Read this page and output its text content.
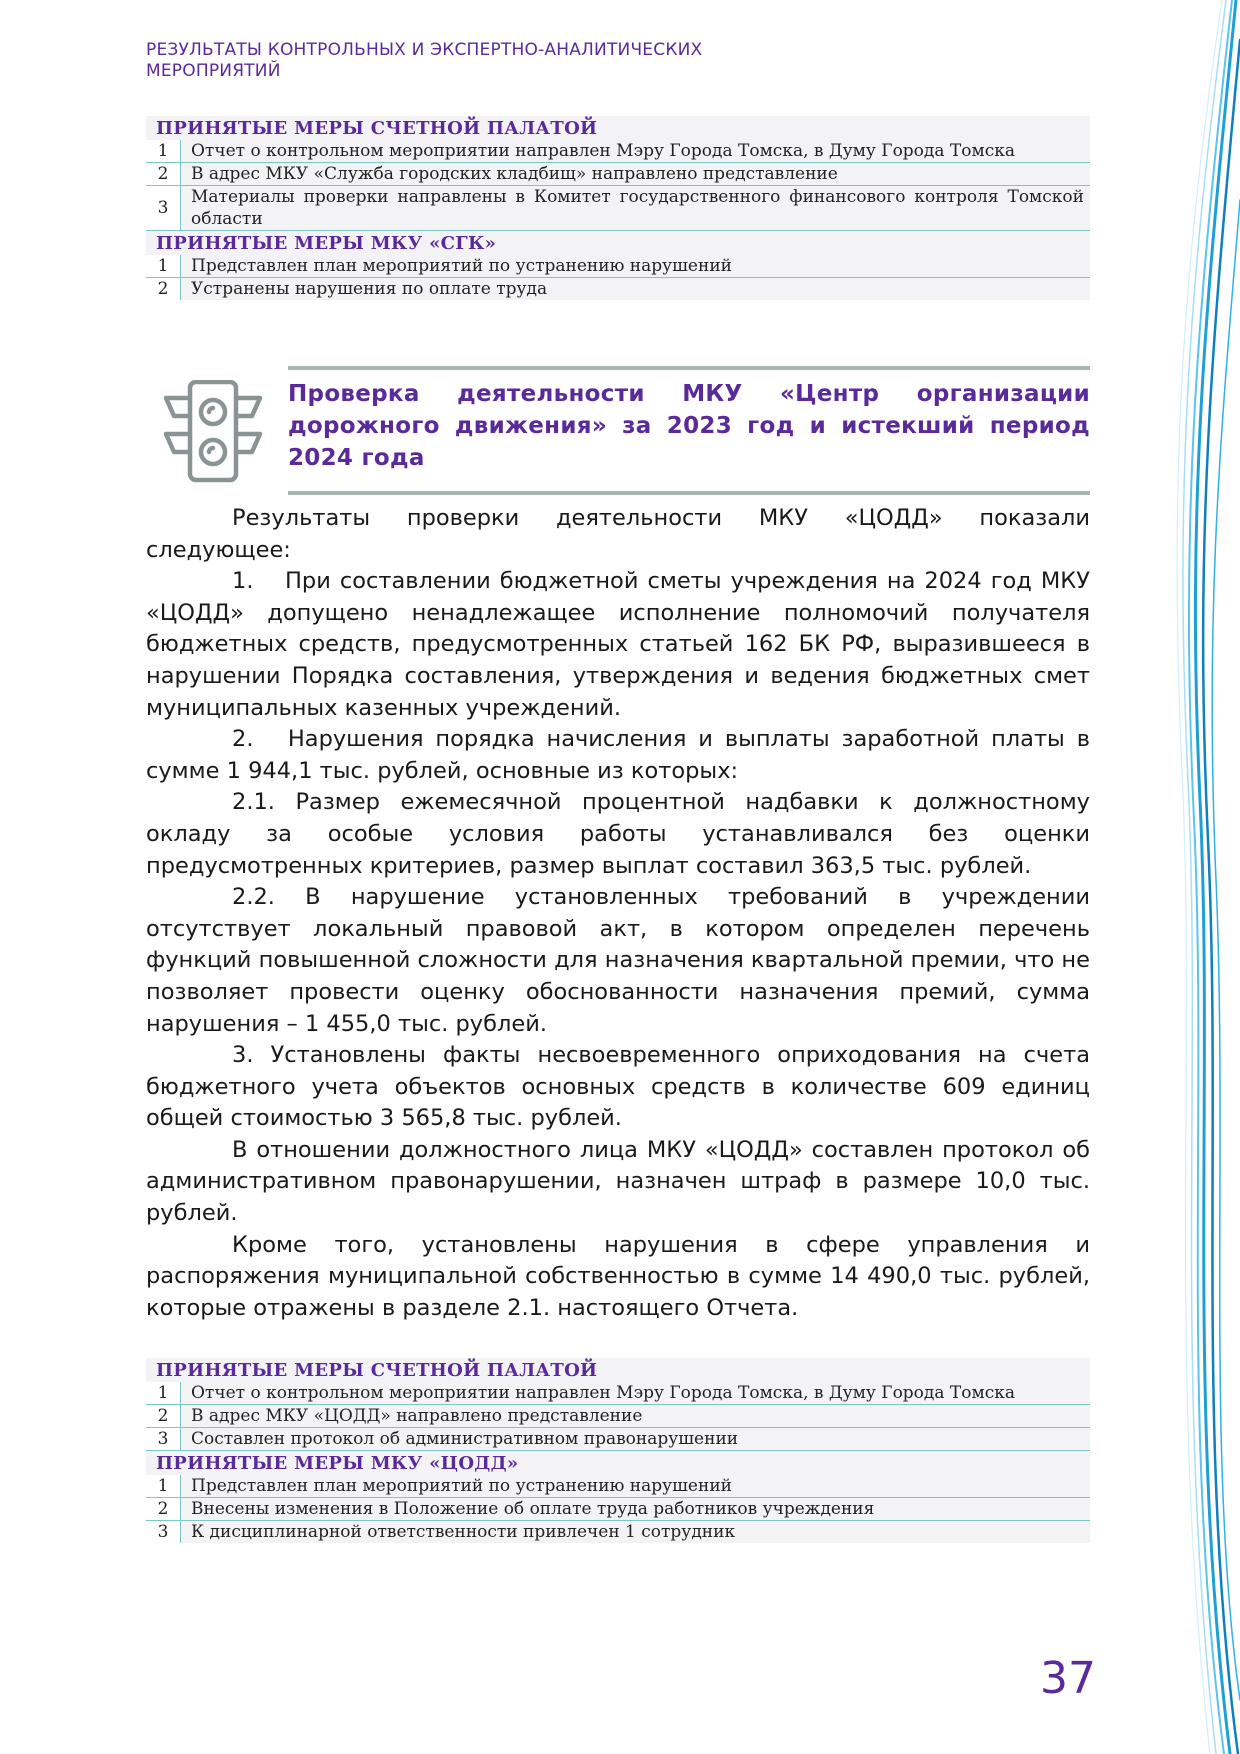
РЕЗУЛЬТАТЫ КОНТРОЛЬНЫХ И ЭКСПЕРТНО-АНАЛИТИЧЕСКИХ
МЕРОПРИЯТИЙ
ПРИНЯТЫЕ МЕРЫ СЧЕТНОЙ ПАЛАТОЙ	
1	Отчет о контрольном мероприятии направлен Мэру Города Томска, в Думу Города Томска
2	В адрес МКУ «Служба городских кладбищ» направлено представление
3	Материалы проверки направлены в Комитет государственного финансового контроля Томской области
ПРИНЯТЫЕ МЕРЫ МКУ «СГК»	
1	Представлен план мероприятий по устранению нарушений
2	Устранены нарушения по оплате труда
Проверка деятельности МКУ «Центр организации
дорожного движения» за 2023 год и истекший период
2024 года

Результаты проверки деятельности МКУ «ЦОДД» показали следующее:

1.  При составлении бюджетной сметы учреждения на 2024 год МКУ «ЦОДД» допущено ненадлежащее исполнение полномочий получателя бюджетных средств, предусмотренных статьей 162 БК РФ, выразившееся в нарушении Порядка составления, утверждения и ведения бюджетных смет муниципальных казенных учреждений.

2.  Нарушения порядка начисления и выплаты заработной платы в сумме 1 944,1 тыс. рублей, основные из которых:

2.1. Размер ежемесячной процентной надбавки к должностному окладу за особые условия работы устанавливался без оценки предусмотренных критериев, размер выплат составил 363,5 тыс. рублей.

2.2. В нарушение установленных требований в учреждении отсутствует локальный правовой акт, в котором определен перечень функций повышенной сложности для назначения квартальной премии, что не позволяет провести оценку обоснованности назначения премий, сумма нарушения – 1 455,0 тыс. рублей.

3. Установлены факты несвоевременного оприходования на счета бюджетного учета объектов основных средств в количестве 609 единиц общей стоимостью 3 565,8 тыс. рублей.

В отношении должностного лица МКУ «ЦОДД» составлен протокол об административном правонарушении, назначен штраф в размере 10,0 тыс. рублей.

Кроме того, установлены нарушения в сфере управления и распоряжения муниципальной собственностью в сумме 14 490,0 тыс. рублей, которые отражены в разделе 2.1. настоящего Отчета.

ПРИНЯТЫЕ МЕРЫ СЧЕТНОЙ ПАЛАТОЙ	
1	Отчет о контрольном мероприятии направлен Мэру Города Томска, в Думу Города Томска
2	В адрес МКУ «ЦОДД» направлено представление
3	Составлен протокол об административном правонарушении
ПРИНЯТЫЕ МЕРЫ МКУ «ЦОДД»	
1	Представлен план мероприятий по устранению нарушений
2	Внесены изменения в Положение об оплате труда работников учреждения
3	К дисциплинарной ответственности привлечен 1 сотрудник
37
